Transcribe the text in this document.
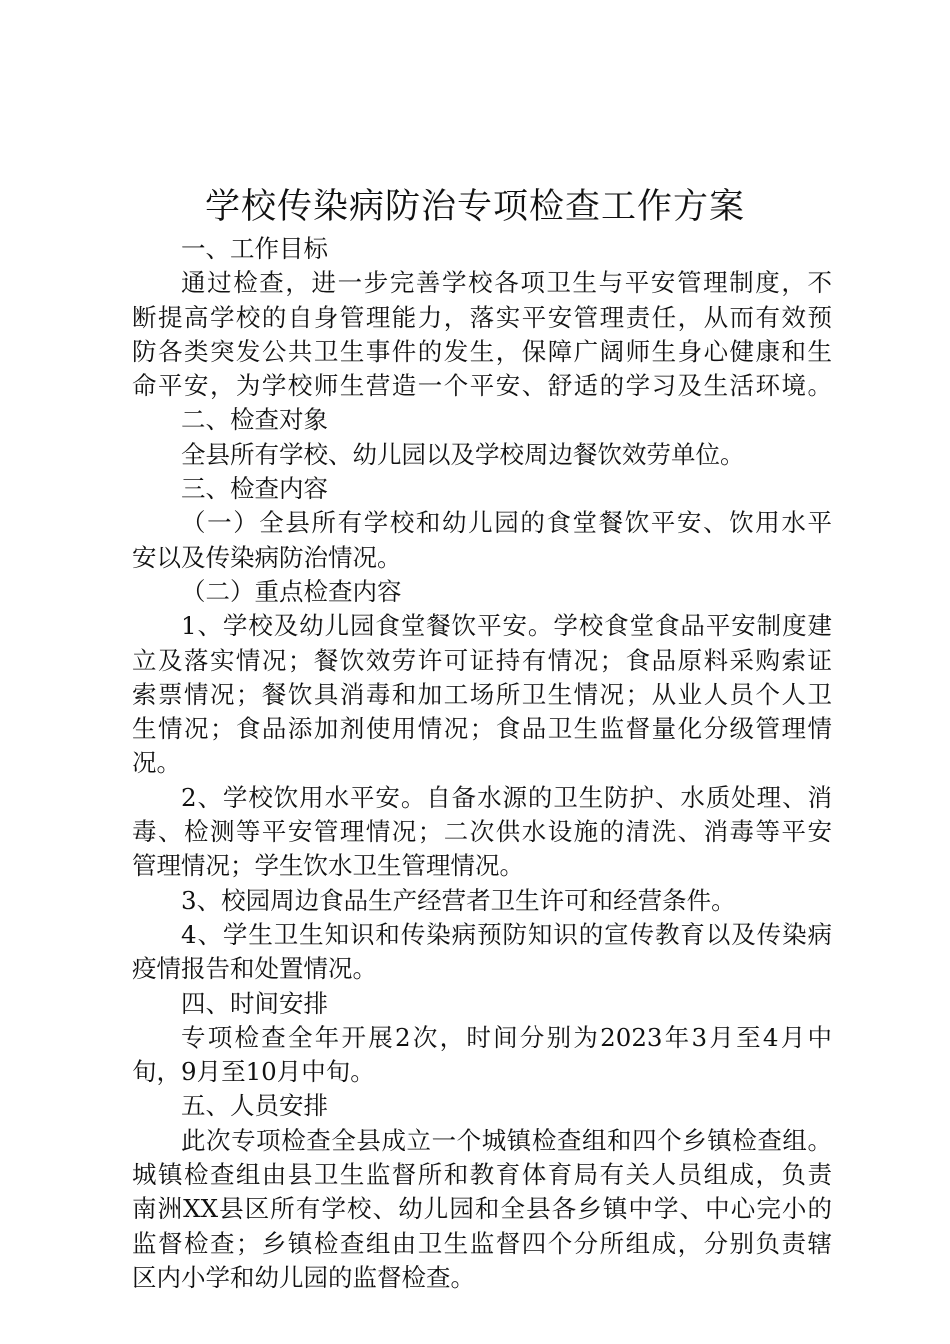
学校传染病防治专项检查工作方案
一、工作目标
通过检查，进一步完善学校各项卫生与平安管理制度，不
断提高学校的自身管理能力，落实平安管理责任，从而有效预
防各类突发公共卫生事件的发生，保障广阔师生身心健康和生
命平安，为学校师生营造一个平安、舒适的学习及生活环境。
二、检查对象
全县所有学校、幼儿园以及学校周边餐饮效劳单位。
三、检查内容
（一）全县所有学校和幼儿园的食堂餐饮平安、饮用水平
安以及传染病防治情况。
（二）重点检查内容
1、学校及幼儿园食堂餐饮平安。学校食堂食品平安制度建
立及落实情况；餐饮效劳许可证持有情况；食品原料采购索证
索票情况；餐饮具消毒和加工场所卫生情况；从业人员个人卫
生情况；食品添加剂使用情况；食品卫生监督量化分级管理情
况。
2、学校饮用水平安。自备水源的卫生防护、水质处理、消
毒、检测等平安管理情况；二次供水设施的清洗、消毒等平安
管理情况；学生饮水卫生管理情况。
3、校园周边食品生产经营者卫生许可和经营条件。
4、学生卫生知识和传染病预防知识的宣传教育以及传染病
疫情报告和处置情况。
四、时间安排
专项检查全年开展2次，时间分别为2023年3月至4月中
旬，9月至10月中旬。
五、人员安排
此次专项检查全县成立一个城镇检查组和四个乡镇检查组。
城镇检查组由县卫生监督所和教育体育局有关人员组成，负责
南洲XX县区所有学校、幼儿园和全县各乡镇中学、中心完小的
监督检查；乡镇检查组由卫生监督四个分所组成，分别负责辖
区内小学和幼儿园的监督检查。
